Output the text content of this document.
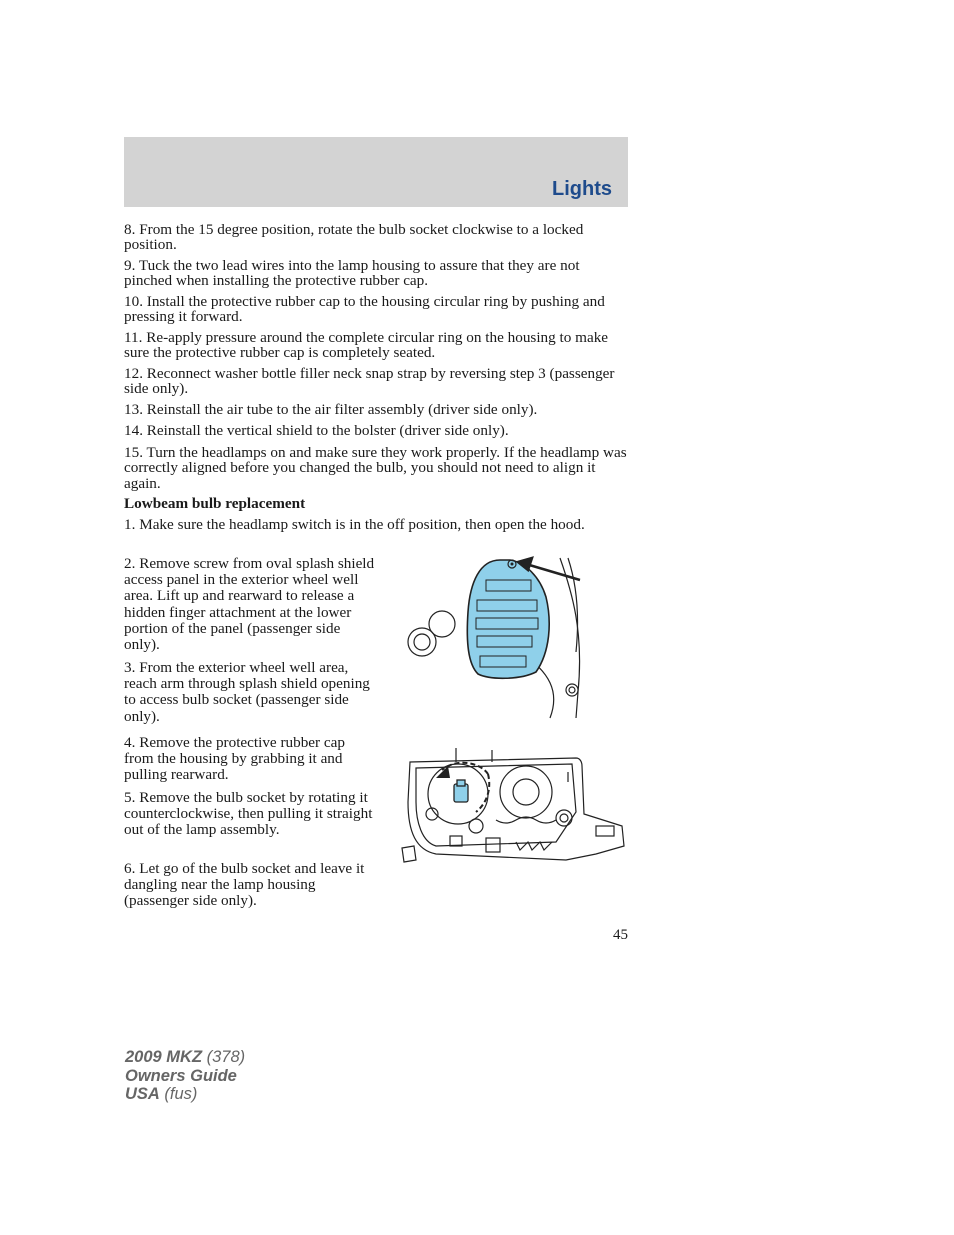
Lights

8. From the 15 degree position, rotate the bulb socket clockwise to a locked position.

9. Tuck the two lead wires into the lamp housing to assure that they are not pinched when installing the protective rubber cap.

10. Install the protective rubber cap to the housing circular ring by pushing and pressing it forward.

11. Re-apply pressure around the complete circular ring on the housing to make sure the protective rubber cap is completely seated.

12. Reconnect washer bottle filler neck snap strap by reversing step 3 (passenger side only).

13. Reinstall the air tube to the air filter assembly (driver side only).

14. Reinstall the vertical shield to the bolster (driver side only).

15. Turn the headlamps on and make sure they work properly. If the headlamp was correctly aligned before you changed the bulb, you should not need to align it again.

Lowbeam bulb replacement

1. Make sure the headlamp switch is in the off position, then open the hood.

2. Remove screw from oval splash shield access panel in the exterior wheel well area. Lift up and rearward to release a hidden finger attachment at the lower portion of the panel (passenger side only).

3. From the exterior wheel well area, reach arm through splash shield opening to access bulb socket (passenger side only).

4. Remove the protective rubber cap from the housing by grabbing it and pulling rearward.

5. Remove the bulb socket by rotating it counterclockwise, then pulling it straight out of the lamp assembly.

6. Let go of the bulb socket and leave it dangling near the lamp housing (passenger side only).

45
2009 MKZ (378)
Owners Guide
USA (fus)
